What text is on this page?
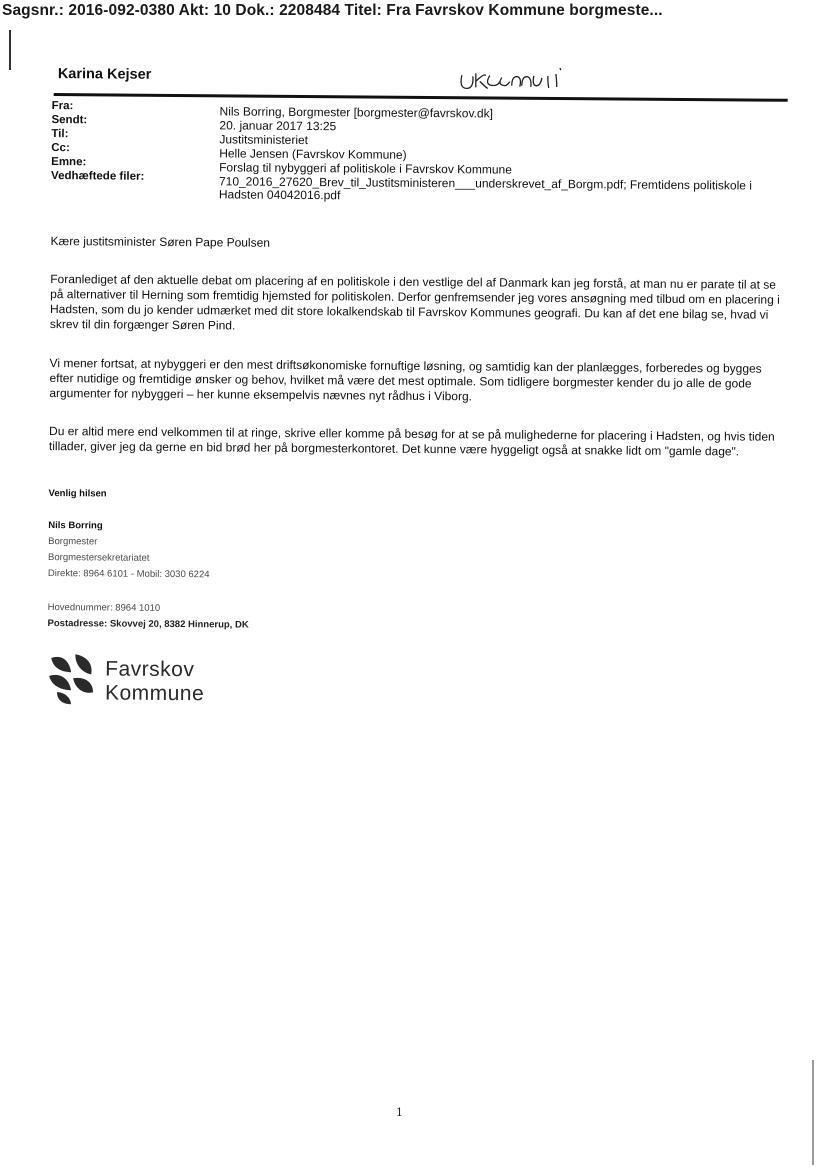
Sagsnr.: 2016-092-0380 Akt: 10 Dok.: 2208484 Titel: Fra Favrskov Kommune borgmeste...
Karina Kejser
Fra:	Nils Borring, Borgmester [borgmester@favrskov.dk]
Sendt:	20. januar 2017 13:25
Til:	Justitsministeriet
Cc:	Helle Jensen (Favrskov Kommune)
Emne:	Forslag til nybyggeri af politiskole i Favrskov Kommune
Vedhæftede filer:	710_2016_27620_Brev_til_Justitsministeren___underskrevet_af_Borgm.pdf; Fremtidens politiskole i Hadsten 04042016.pdf
Kære justitsminister Søren Pape Poulsen
Foranlediget af den aktuelle debat om placering af en politiskole i den vestlige del af Danmark kan jeg forstå, at man nu er parate til at se på alternativer til Herning som fremtidig hjemsted for politiskolen. Derfor genfremsender jeg vores ansøgning med tilbud om en placering i Hadsten, som du jo kender udmærket med dit store lokalkendskab til Favrskov Kommunes geografi. Du kan af det ene bilag se, hvad vi skrev til din forgænger Søren Pind.
Vi mener fortsat, at nybyggeri er den mest driftsøkonomiske fornuftige løsning, og samtidig kan der planlægges, forberedes og bygges efter nutidige og fremtidige ønsker og behov, hvilket må være det mest optimale. Som tidligere borgmester kender du jo alle de gode argumenter for nybyggeri – her kunne eksempelvis nævnes nyt rådhus i Viborg.
Du er altid mere end velkommen til at ringe, skrive eller komme på besøg for at se på mulighederne for placering i Hadsten, og hvis tiden tillader, giver jeg da gerne en bid brød her på borgmesterkontoret. Det kunne være hyggeligt også at snakke lidt om "gamle dage".
Venlig hilsen
Nils Borring
Borgmester
Borgmestersekretariatet
Direkte: 8964 6101 - Mobil: 3030 6224
Hovednummer: 8964 1010
Postadresse: Skovvej 20, 8382 Hinnerup, DK
Favrskov
Kommune
1
